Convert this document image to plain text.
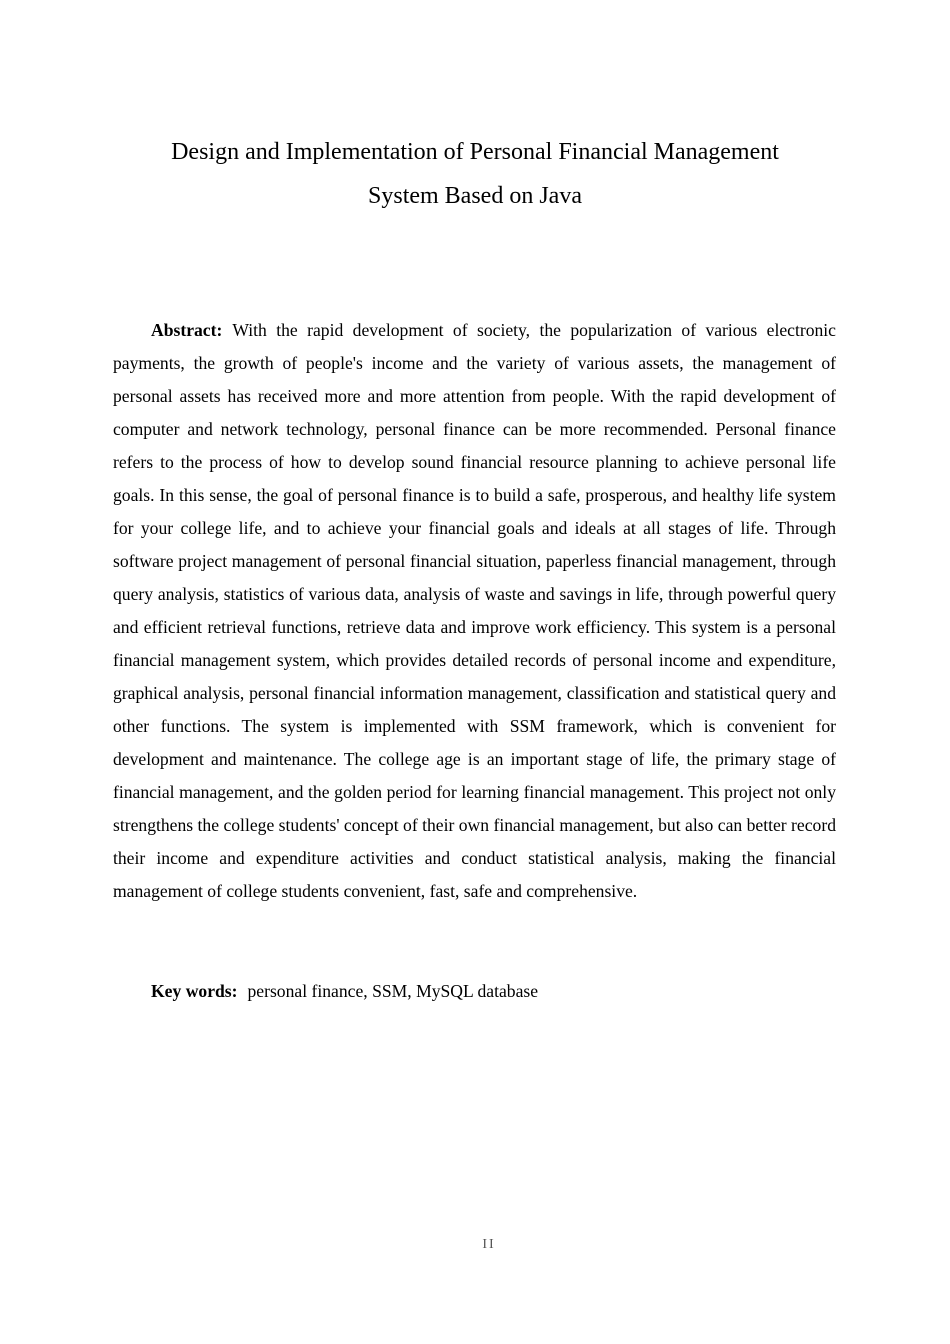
Design and Implementation of Personal Financial Management
System Based on Java

Abstract: With the rapid development of society, the popularization of various electronic payments, the growth of people's income and the variety of various assets, the management of personal assets has received more and more attention from people. With the rapid development of computer and network technology, personal finance can be more recommended. Personal finance refers to the process of how to develop sound financial resource planning to achieve personal life goals. In this sense, the goal of personal finance is to build a safe, prosperous, and healthy life system for your college life, and to achieve your financial goals and ideals at all stages of life. Through software project management of personal financial situation, paperless financial management, through query analysis, statistics of various data, analysis of waste and savings in life, through powerful query and efficient retrieval functions, retrieve data and improve work efficiency. This system is a personal financial management system, which provides detailed records of personal income and expenditure, graphical analysis, personal financial information management, classification and statistical query and other functions. The system is implemented with SSM framework, which is convenient for development and maintenance. The college age is an important stage of life, the primary stage of financial management, and the golden period for learning financial management. This project not only strengthens the college students' concept of their own financial management, but also can better record their income and expenditure activities and conduct statistical analysis, making the financial management of college students convenient, fast, safe and comprehensive.

Key words: personal finance, SSM, MySQL database

II
